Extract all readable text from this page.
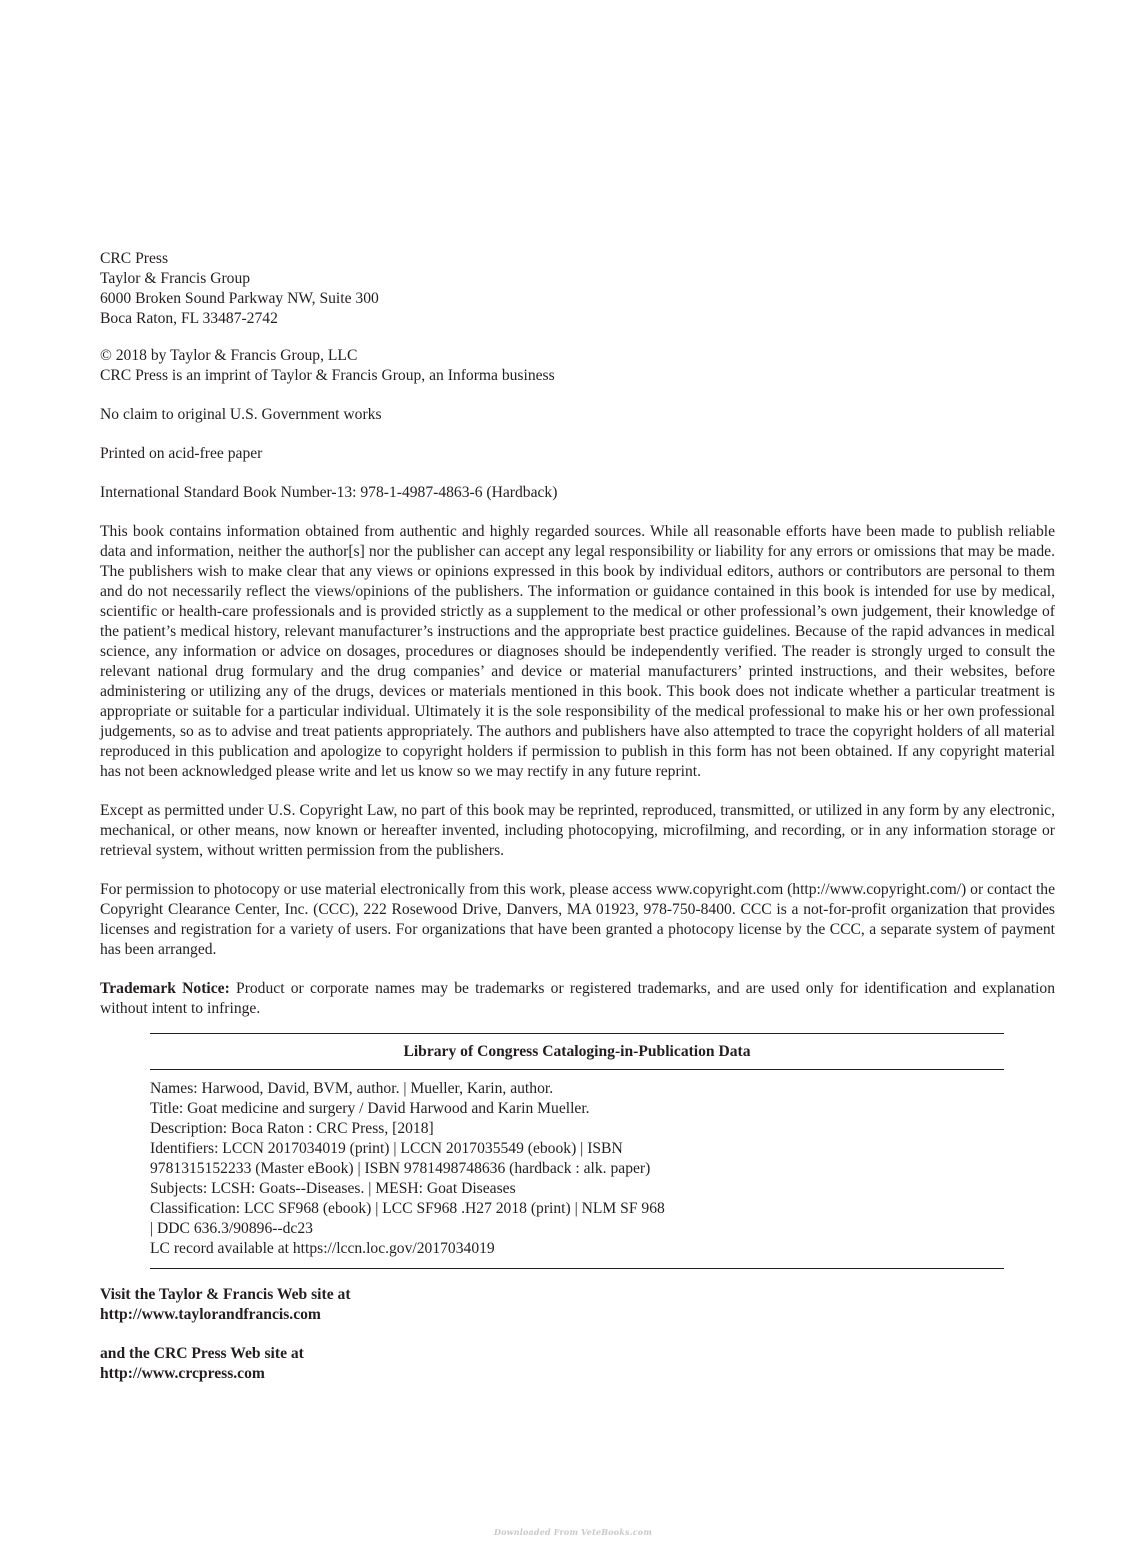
CRC Press
Taylor & Francis Group
6000 Broken Sound Parkway NW, Suite 300
Boca Raton, FL 33487-2742
© 2018 by Taylor & Francis Group, LLC
CRC Press is an imprint of Taylor & Francis Group, an Informa business
No claim to original U.S. Government works
Printed on acid-free paper
International Standard Book Number-13: 978-1-4987-4863-6 (Hardback)

This book contains information obtained from authentic and highly regarded sources. While all reasonable efforts have been made to publish reliable data and information, neither the author[s] nor the publisher can accept any legal responsibility or liability for any errors or omissions that may be made. The publishers wish to make clear that any views or opinions expressed in this book by individual editors, authors or contributors are personal to them and do not necessarily reflect the views/opinions of the publishers. The information or guidance contained in this book is intended for use by medical, scientific or health-care professionals and is provided strictly as a supplement to the medical or other professional’s own judgement, their knowledge of the patient’s medical history, relevant manufacturer’s instructions and the appropriate best practice guidelines. Because of the rapid advances in medical science, any information or advice on dosages, procedures or diagnoses should be independently verified. The reader is strongly urged to consult the relevant national drug formulary and the drug companies’ and device or material manufacturers’ printed instructions, and their websites, before administering or utilizing any of the drugs, devices or materials mentioned in this book. This book does not indicate whether a particular treatment is appropriate or suitable for a particular individual. Ultimately it is the sole responsibility of the medical professional to make his or her own professional judgements, so as to advise and treat patients appropriately. The authors and publishers have also attempted to trace the copyright holders of all material reproduced in this publication and apologize to copyright holders if permission to publish in this form has not been obtained. If any copyright material has not been acknowledged please write and let us know so we may rectify in any future reprint.

Except as permitted under U.S. Copyright Law, no part of this book may be reprinted, reproduced, transmitted, or utilized in any form by any electronic, mechanical, or other means, now known or hereafter invented, including photocopying, microfilming, and recording, or in any information storage or retrieval system, without written permission from the publishers.

For permission to photocopy or use material electronically from this work, please access www.copyright.com (http://www.copyright.com/) or contact the Copyright Clearance Center, Inc. (CCC), 222 Rosewood Drive, Danvers, MA 01923, 978-750-8400. CCC is a not-for-profit organization that provides licenses and registration for a variety of users. For organizations that have been granted a photocopy license by the CCC, a separate system of payment has been arranged.

Trademark Notice: Product or corporate names may be trademarks or registered trademarks, and are used only for identification and explanation without intent to infringe.

Library of Congress Cataloging-in-Publication Data
Names: Harwood, David, BVM, author. | Mueller, Karin, author.
Title: Goat medicine and surgery / David Harwood and Karin Mueller.
Description: Boca Raton : CRC Press, [2018]
Identifiers: LCCN 2017034019 (print) | LCCN 2017035549 (ebook) | ISBN
9781315152233 (Master eBook) | ISBN 9781498748636 (hardback : alk. paper)
Subjects: LCSH: Goats--Diseases. | MESH: Goat Diseases
Classification: LCC SF968 (ebook) | LCC SF968 .H27 2018 (print) | NLM SF 968
| DDC 636.3/90896--dc23
LC record available at https://lccn.loc.gov/2017034019
Visit the Taylor & Francis Web site at
http://www.taylorandfrancis.com
and the CRC Press Web site at
http://www.crcpress.com
Downloaded From VeteBooks.com
